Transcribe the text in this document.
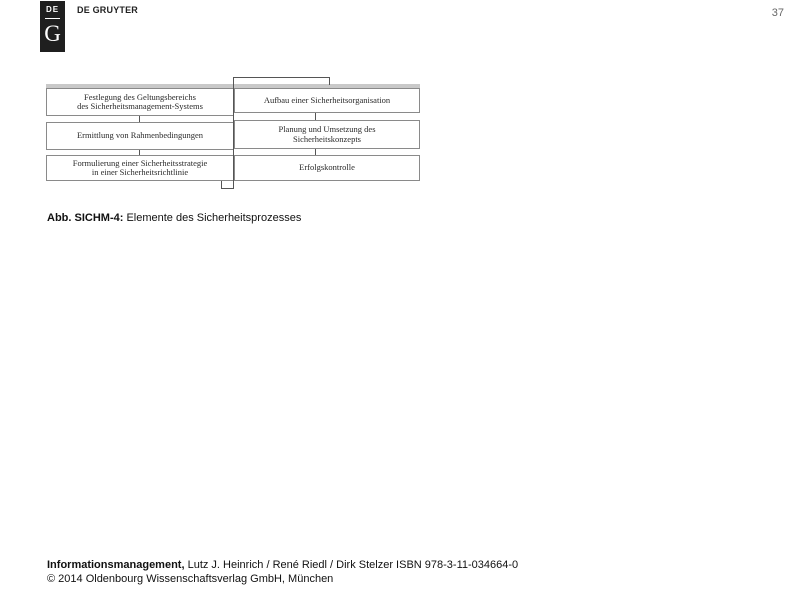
DE
G
DE GRUYTER	37
Festlegung des Geltungsbereichs
des Sicherheitsmanagement-Systems
Ermittlung von Rahmenbedingungen
Formulierung einer Sicherheitsstrategie
in einer Sicherheitsrichtlinie
Aufbau einer Sicherheitsorganisation
Planung und Umsetzung des
Sicherheitskonzepts
Erfolgskontrolle
Abb. SICHM-4: Elemente des Sicherheitsprozesses
Informationsmanagement, Lutz J. Heinrich / René Riedl / Dirk Stelzer ISBN 978-3-11-034664-0
© 2014 Oldenbourg Wissenschaftsverlag GmbH, München
